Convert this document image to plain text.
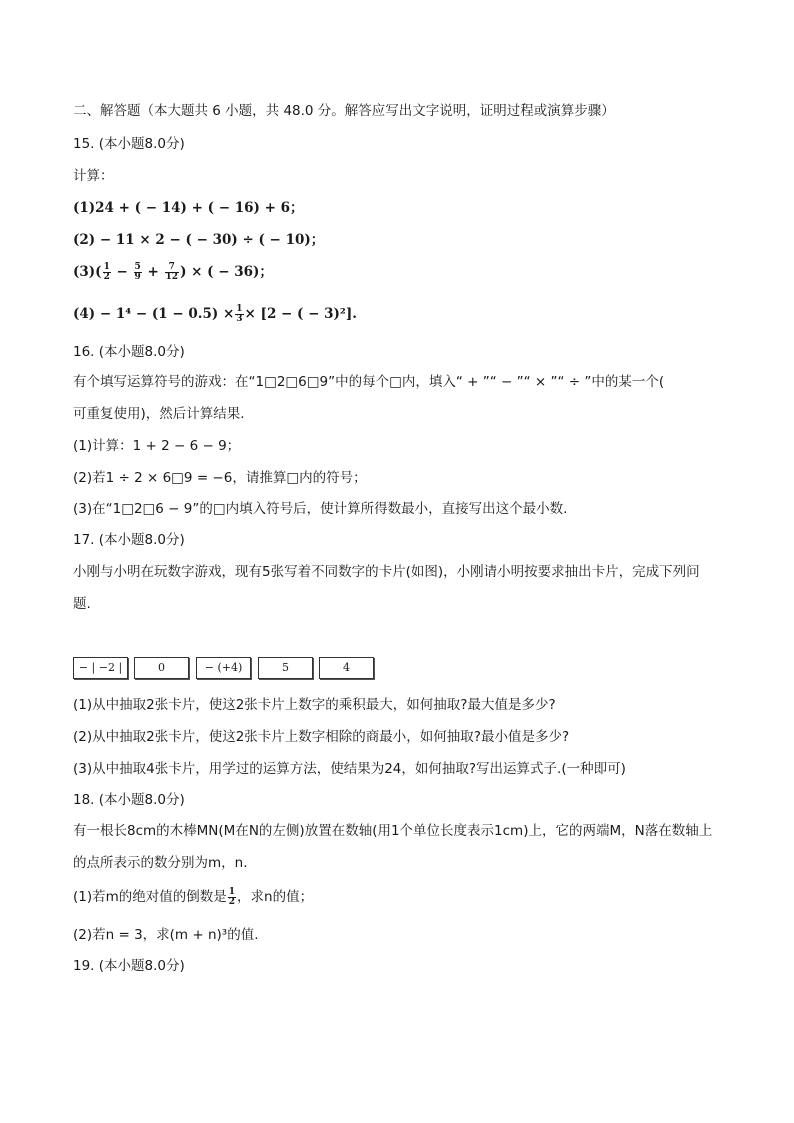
二、解答题（本大题共 6 小题，共 48.0 分。解答应写出文字说明，证明过程或演算步骤）
15. (本小题8.0分)
计算：
(1)24 + ( − 14) + ( − 16) + 6；
(2) − 11 × 2 − ( − 30) ÷ ( − 10)；
$(3)( \frac{1}{2} - \frac{5}{9} + \frac{7}{12}$ ) × ( − 36)；
$(4) - 1^4 - (1 - 0.5) \times \frac{1}{3} \times [2$ − ( − 3)²].
16. (本小题8.0分)
有个填写运算符号的游戏：在“1□2□6□9”中的每个□内，填入“ + ”“ − ”“ × ”“ ÷ ”中的某一个(
可重复使用)，然后计算结果.
(1)计算：1 + 2 − 6 − 9；
(2)若1 ÷ 2 × 6□9 = −6，请推算□内的符号；
(3)在“1□2□6 − 9”的□内填入符号后，使计算所得数最小，直接写出这个最小数.
17. (本小题8.0分)
小刚与小明在玩数字游戏，现有5张写着不同数字的卡片(如图)，小刚请小明按要求抽出卡片，完成下列问
题.
− | −2 |	0	− (+4)	5	4
(1)从中抽取2张卡片，使这2张卡片上数字的乘积最大，如何抽取?最大值是多少?
(2)从中抽取2张卡片，使这2张卡片上数字相除的商最小，如何抽取?最小值是多少?
(3)从中抽取4张卡片，用学过的运算方法，使结果为24，如何抽取?写出运算式子.(一种即可)
18. (本小题8.0分)
有一根长8cm的木棒MN(M在N的左侧)放置在数轴(用1个单位长度表示1cm)上，它的两端M，N落在数轴上
的点所表示的数分别为m，n.
(1)若m的绝对值的倒数是 $\frac{1}{2}$ ，求n的值；
(2)若n = 3，求(m + n)³的值.
19. (本小题8.0分)
